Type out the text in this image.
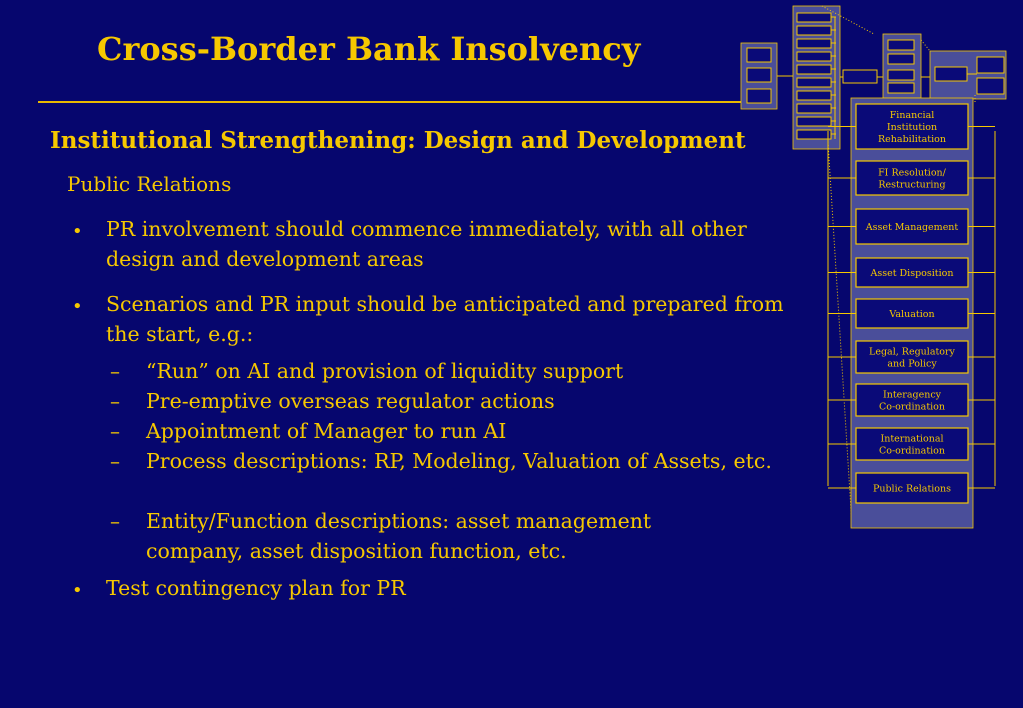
Cross-Border Bank Insolvency
Institutional Strengthening: Design and Development
Public Relations
• PR involvement should commence immediately, with all other design and development areas
• Scenarios and PR input should be anticipated and prepared from the start, e.g.:
– “Run” on AI and provision of liquidity support
– Pre-emptive overseas regulator actions
– Appointment of Manager to run AI
– Process descriptions: RP, Modeling, Valuation of Assets, etc.
– Entity/Function descriptions: asset management company, asset disposition function, etc.
• Test contingency plan for PR
Financial
Institution
Rehabilitation
FI Resolution/
Restructuring
Asset Management
Asset Disposition
Valuation
Legal, Regulatory
and Policy
Interagency
Co-ordination
International
Co-ordination
Public Relations
